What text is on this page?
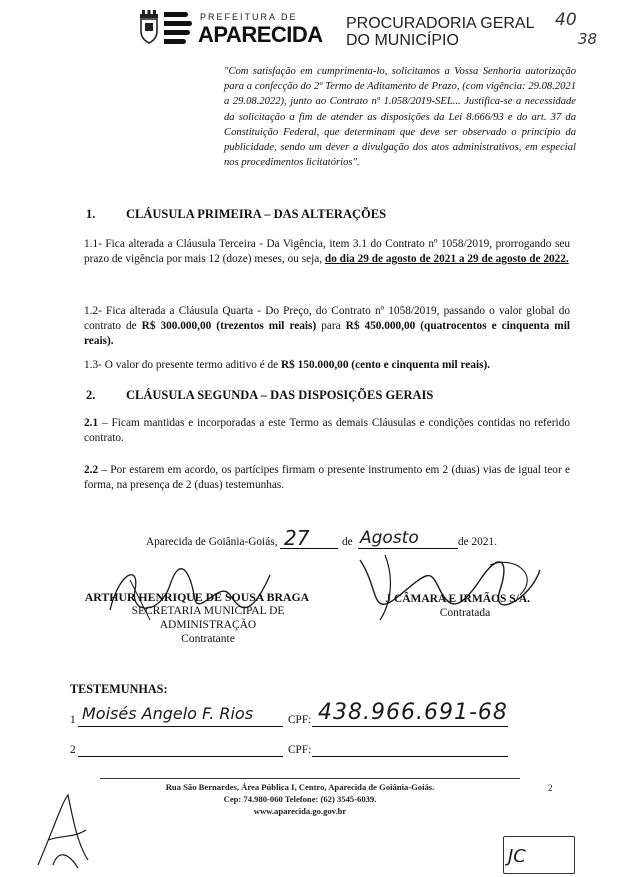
PREFEITURA DE
APARECIDA PROCURADORIA GERAL
DO MUNICÍPIO
40
38
"Com satisfação em cumprimenta-lo, solicitamos a Vossa Senhoria autorização para a confecção do 2º Termo de Aditamento de Prazo, (com vigência: 29.08.2021 a 29.08.2022), junto ao Contrato nº 1.058/2019-SEL... Justifica-se a necessidade da solicitação a fim de atender as disposições da Lei 8.666/93 e do art. 37 da Constituição Federal, que determinam que deve ser observado o princípio da publicidade, sendo um dever a divulgação dos atos administrativos, em especial nos procedimentos licitatórios".
1. CLÁUSULA PRIMEIRA – DAS ALTERAÇÕES
1.1- Fica alterada a Cláusula Terceira - Da Vigência, item 3.1 do Contrato nº 1058/2019, prorrogando seu prazo de vigência por mais 12 (doze) meses, ou seja, do dia 29 de agosto de 2021 a 29 de agosto de 2022.
1.2- Fica alterada a Cláusula Quarta - Do Preço, do Contrato nº 1058/2019, passando o valor global do contrato de R$ 300.000,00 (trezentos mil reais) para R$ 450.000,00 (quatrocentos e cinquenta mil reais).
1.3- O valor do presente termo aditivo é de R$ 150.000,00 (cento e cinquenta mil reais).
2. CLÁUSULA SEGUNDA – DAS DISPOSIÇÕES GERAIS
2.1 – Ficam mantidas e incorporadas a este Termo as demais Cláusulas e condições contidas no referido contrato.
2.2 – Por estarem em acordo, os partícipes firmam o presente instrumento em 2 (duas) vias de igual teor e forma, na presença de 2 (duas) testemunhas.
Aparecida de Goiânia-Goiás, 27	de Agosto	de 2021.
ARTHUR HENRIQUE DE SOUSA BRAGA
SECRETARIA MUNICIPAL DE
ADMINISTRAÇÃO
Contratante
J CÂMARA E IRMÃOS S/A.
Contratada
TESTEMUNHAS:
1 Moisés Angelo F. Rios	CPF: 438.966.691-68
2	CPF:
Rua São Bernardes, Área Pública I, Centro, Aparecida de Goiânia-Goiás.
Cep: 74.980-060 Telefone: (62) 3545-6039.
www.aparecida.go.gov.br
2
JC
